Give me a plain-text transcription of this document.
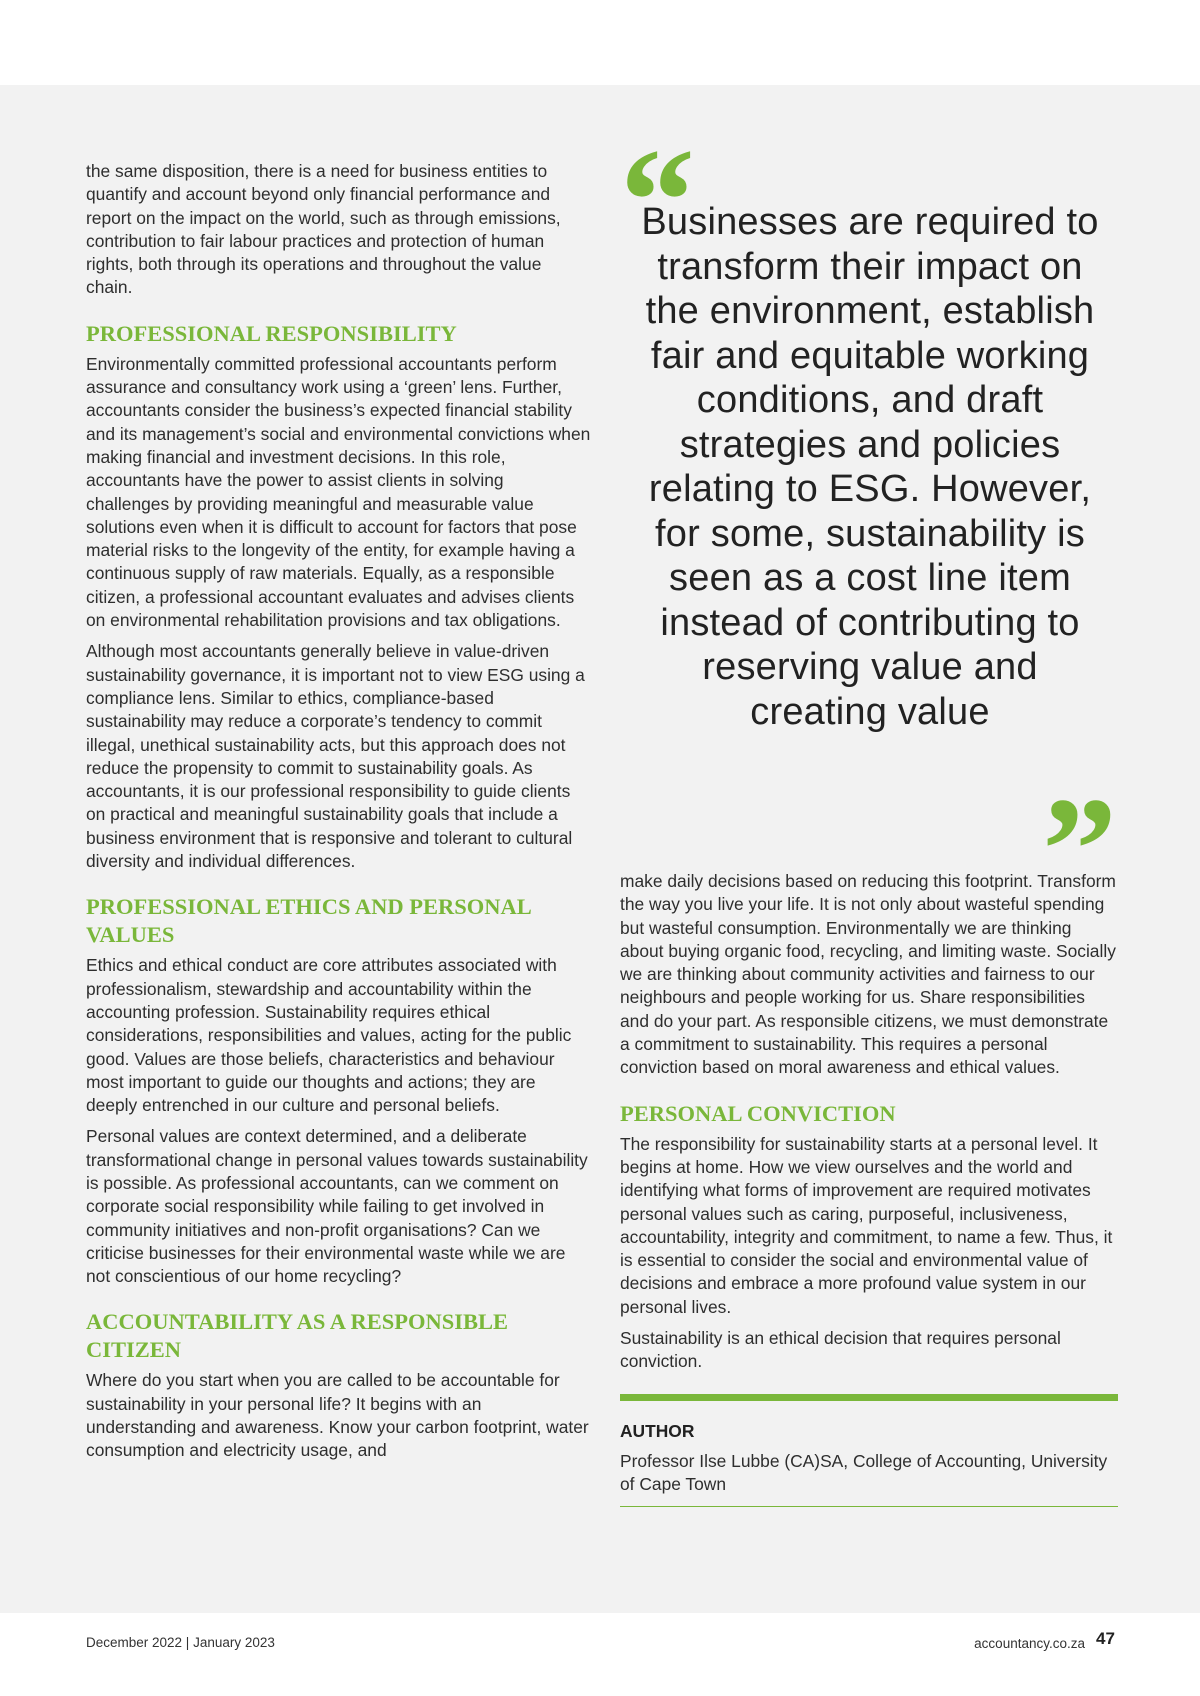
the same disposition, there is a need for business entities to quantify and account beyond only financial performance and report on the impact on the world, such as through emissions, contribution to fair labour practices and protection of human rights, both through its operations and throughout the value chain.

PROFESSIONAL RESPONSIBILITY

Environmentally committed professional accountants perform assurance and consultancy work using a ‘green’ lens. Further, accountants consider the business’s expected financial stability and its management’s social and environmental convictions when making financial and investment decisions. In this role, accountants have the power to assist clients in solving challenges by providing meaningful and measurable value solutions even when it is difficult to account for factors that pose material risks to the longevity of the entity, for example having a continuous supply of raw materials. Equally, as a responsible citizen, a professional accountant evaluates and advises clients on environmental rehabilitation provisions and tax obligations.

Although most accountants generally believe in value-driven sustainability governance, it is important not to view ESG using a compliance lens. Similar to ethics, compliance-based sustainability may reduce a corporate’s tendency to commit illegal, unethical sustainability acts, but this approach does not reduce the propensity to commit to sustainability goals. As accountants, it is our professional responsibility to guide clients on practical and meaningful sustainability goals that include a business environment that is responsive and tolerant to cultural diversity and individual differences.

PROFESSIONAL ETHICS AND PERSONAL VALUES

Ethics and ethical conduct are core attributes associated with professionalism, stewardship and accountability within the accounting profession. Sustainability requires ethical considerations, responsibilities and values, acting for the public good. Values are those beliefs, characteristics and behaviour most important to guide our thoughts and actions; they are deeply entrenched in our culture and personal beliefs.

Personal values are context determined, and a deliberate transformational change in personal values towards sustainability is possible. As professional accountants, can we comment on corporate social responsibility while failing to get involved in community initiatives and non-profit organisations? Can we criticise businesses for their environmental waste while we are not conscientious of our home recycling?

ACCOUNTABILITY AS A RESPONSIBLE CITIZEN

Where do you start when you are called to be accountable for sustainability in your personal life? It begins with an understanding and awareness. Know your carbon footprint, water consumption and electricity usage, and

“
Businesses are required to transform their impact on the environment, establish fair and equitable working conditions, and draft strategies and policies relating to ESG. However, for some, sustainability is seen as a cost line item instead of contributing to reserving value and creating value
”

make daily decisions based on reducing this footprint. Transform the way you live your life. It is not only about wasteful spending but wasteful consumption. Environmentally we are thinking about buying organic food, recycling, and limiting waste. Socially we are thinking about community activities and fairness to our neighbours and people working for us. Share responsibilities and do your part. As responsible citizens, we must demonstrate a commitment to sustainability. This requires a personal conviction based on moral awareness and ethical values.

PERSONAL CONVICTION

The responsibility for sustainability starts at a personal level. It begins at home. How we view ourselves and the world and identifying what forms of improvement are required motivates personal values such as caring, purposeful, inclusiveness, accountability, integrity and commitment, to name a few. Thus, it is essential to consider the social and environmental value of decisions and embrace a more profound value system in our personal lives.

Sustainability is an ethical decision that requires personal conviction.

AUTHOR

Professor Ilse Lubbe (CA)SA, College of Accounting, University of Cape Town

December 2022 | January 2023	accountancy.co.za 47
